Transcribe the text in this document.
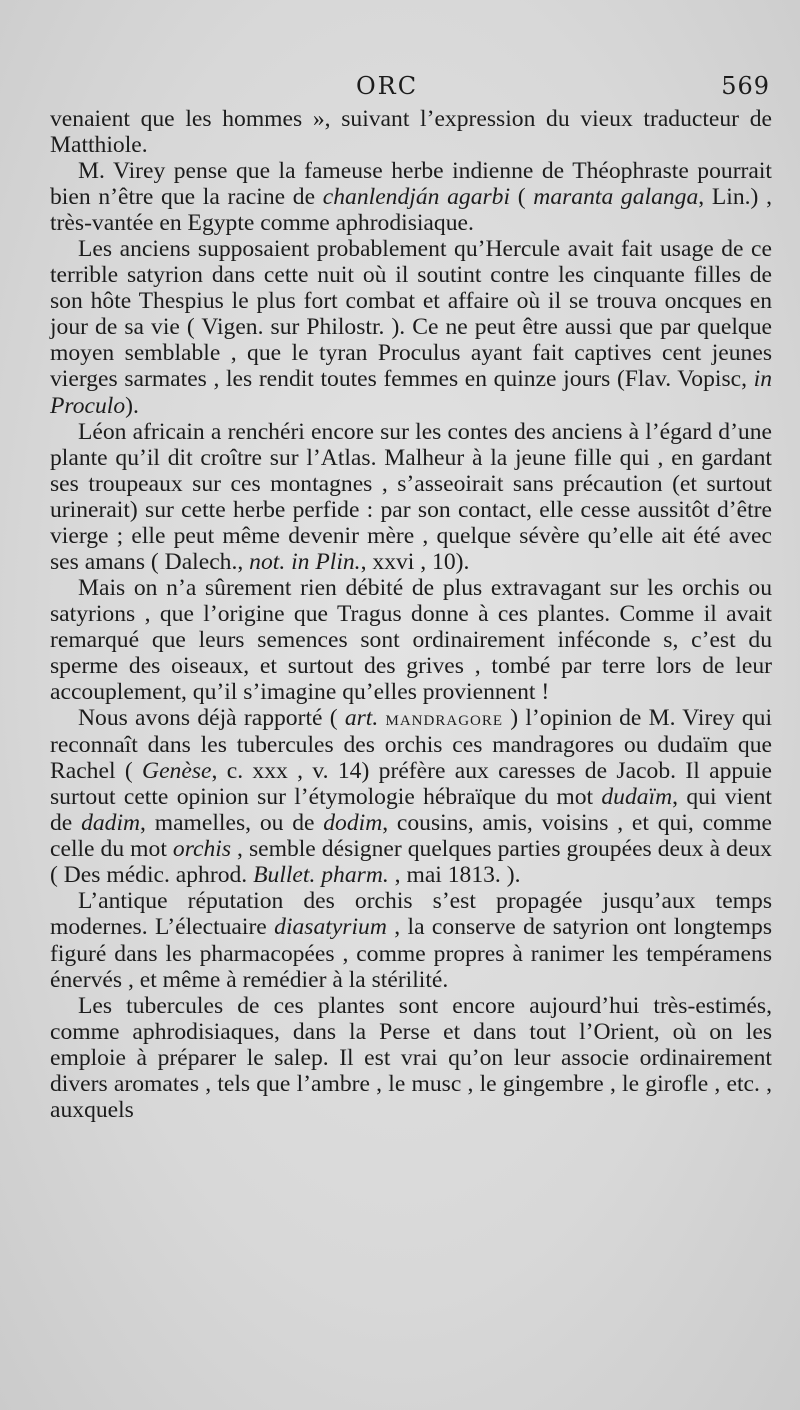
ORC	569

venaient que les hommes », suivant l’expression du vieux traducteur de Matthiole.

M. Virey pense que la fameuse herbe indienne de Théophraste pourrait bien n’être que la racine de chanlendján agarbi ( maranta galanga, Lin.) , très-vantée en Egypte comme aphrodisiaque.

Les anciens supposaient probablement qu’Hercule avait fait usage de ce terrible satyrion dans cette nuit où il soutint contre les cinquante filles de son hôte Thespius le plus fort combat et affaire où il se trouva oncques en jour de sa vie ( Vigen. sur Philostr. ). Ce ne peut être aussi que par quelque moyen semblable , que le tyran Proculus ayant fait captives cent jeunes vierges sarmates , les rendit toutes femmes en quinze jours (Flav. Vopisc, in Proculo).

Léon africain a renchéri encore sur les contes des anciens à l’égard d’une plante qu’il dit croître sur l’Atlas. Malheur à la jeune fille qui , en gardant ses troupeaux sur ces montagnes , s’asseoirait sans précaution (et surtout urinerait) sur cette herbe perfide : par son contact, elle cesse aussitôt d’être vierge ; elle peut même devenir mère , quelque sévère qu’elle ait été avec ses amans ( Dalech., not. in Plin., xxvi , 10).

Mais on n’a sûrement rien débité de plus extravagant sur les orchis ou satyrions , que l’origine que Tragus donne à ces plantes. Comme il avait remarqué que leurs semences sont ordinairement inféconde s, c’est du sperme des oiseaux, et surtout des grives , tombé par terre lors de leur accouplement, qu’il s’imagine qu’elles proviennent !

Nous avons déjà rapporté ( art. mandragore ) l’opinion de M. Virey qui reconnaît dans les tubercules des orchis ces mandragores ou dudaïm que Rachel ( Genèse, c. xxx , v. 14) préfère aux caresses de Jacob. Il appuie surtout cette opinion sur l’étymologie hébraïque du mot dudaïm, qui vient de dadim, mamelles, ou de dodim, cousins, amis, voisins , et qui, comme celle du mot orchis , semble désigner quelques parties groupées deux à deux ( Des médic. aphrod. Bullet. pharm. , mai 1813. ).

L’antique réputation des orchis s’est propagée jusqu’aux temps modernes. L’électuaire diasatyrium , la conserve de satyrion ont longtemps figuré dans les pharmacopées , comme propres à ranimer les tempéramens énervés , et même à remédier à la stérilité.

Les tubercules de ces plantes sont encore aujourd’hui très-estimés, comme aphrodisiaques, dans la Perse et dans tout l’Orient, où on les emploie à préparer le salep. Il est vrai qu’on leur associe ordinairement divers aromates , tels que l’ambre , le musc , le gingembre , le girofle , etc. , auxquels
